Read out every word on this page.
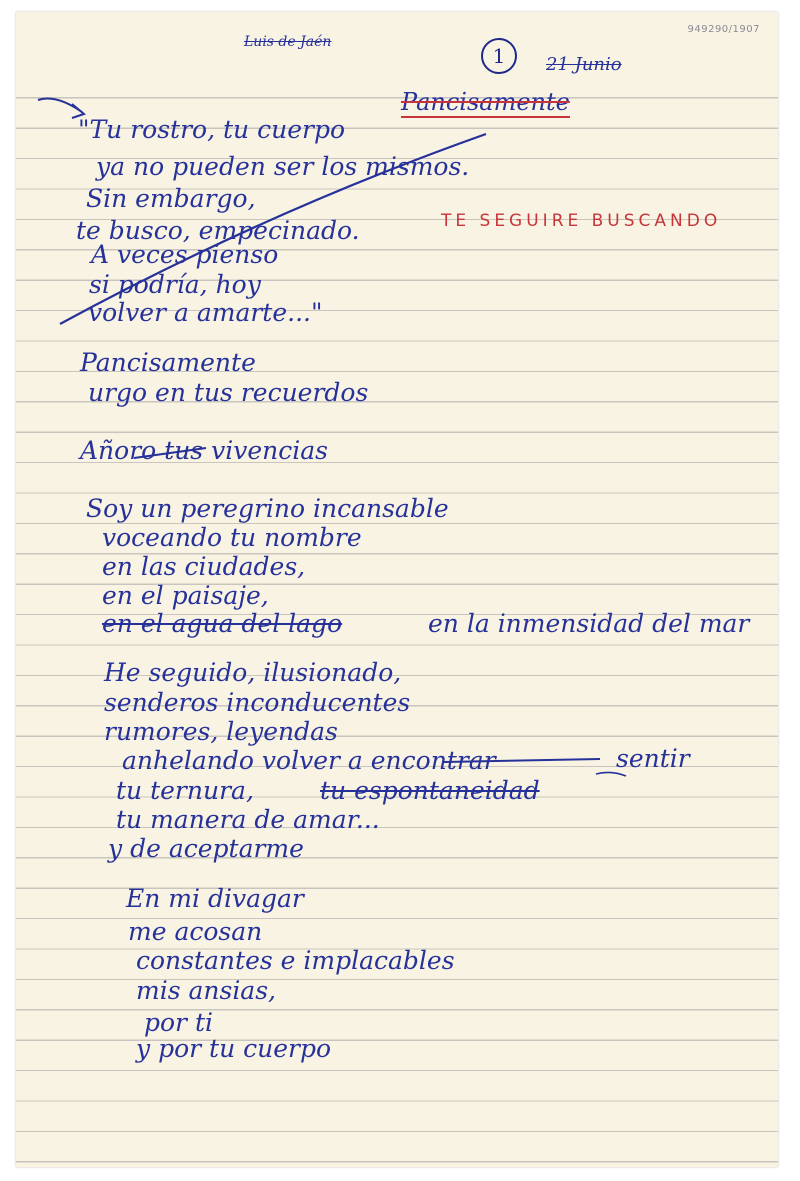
949290/1907
Luis de Jaén
1 21 Junio
Pancisamente
"Tu rostro, tu cuerpo
ya no pueden ser los mismos.
Sin embargo,
te busco, empecinado.	TE SEGUIRE BUSCANDO
A veces pienso
si podría, hoy
volver a amarte..."
Pancisamente
urgo en tus recuerdos
Añoro tus vivencias
Soy un peregrino incansable
voceando tu nombre
en las ciudades,
en el paisaje,
en el agua del lago	en la inmensidad del mar
He seguido, ilusionado,
senderos inconducentes
rumores, leyendas
anhelando volver a encontrar	sentir
tu ternura,	tu espontaneidad
tu manera de amar...
y de aceptarme
En mi divagar
me acosan
constantes e implacables
mis ansias,
por ti
y por tu cuerpo
